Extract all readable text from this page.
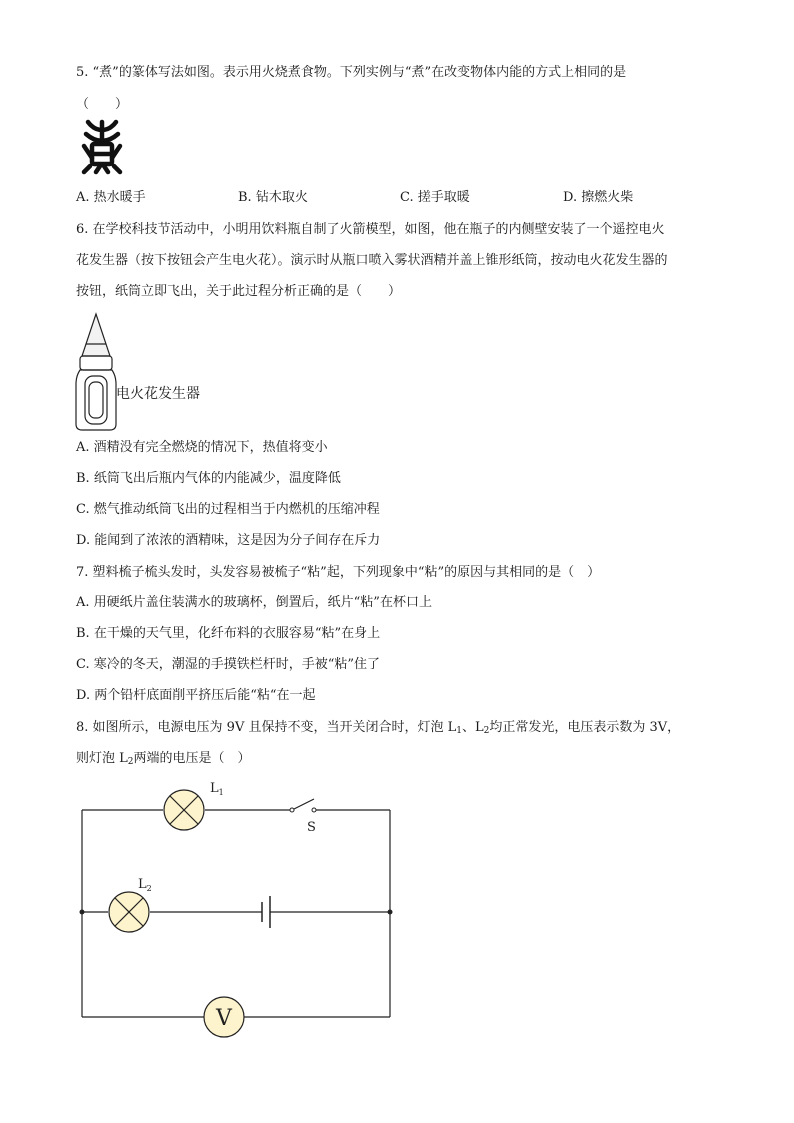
5. “煮”的篆体写法如图。表示用火烧煮食物。下列实例与“煮”在改变物体内能的方式上相同的是
（　　）
A. 热水暖手	B. 钻木取火	C. 搓手取暖	D. 擦燃火柴
6. 在学校科技节活动中，小明用饮料瓶自制了火箭模型，如图，他在瓶子的内侧壁安装了一个遥控电火
花发生器（按下按钮会产生电火花）。演示时从瓶口喷入雾状酒精并盖上锥形纸筒，按动电火花发生器的
按钮，纸筒立即飞出，关于此过程分析正确的是（　　）
电火花发生器
A. 酒精没有完全燃烧的情况下，热值将变小
B. 纸筒飞出后瓶内气体的内能减少，温度降低
C. 燃气推动纸筒飞出的过程相当于内燃机的压缩冲程
D. 能闻到了浓浓的酒精味，这是因为分子间存在斥力
7. 塑料梳子梳头发时，头发容易被梳子“粘”起，下列现象中“粘”的原因与其相同的是（　）
A. 用硬纸片盖住装满水的玻璃杯，倒置后，纸片“粘”在杯口上
B. 在干燥的天气里，化纤布料的衣服容易“粘”在身上
C. 寒冷的冬天，潮湿的手摸铁栏杆时，手被“粘”住了
D. 两个铅杆底面削平挤压后能“粘“在一起
8. 如图所示，电源电压为 9V 且保持不变，当开关闭合时，灯泡 $L_1$、$L_2$均正常发光，电压表示数为 3V，
则灯泡 $L_2$两端的电压是（　）
$L_1$
$L_2$
S
V
